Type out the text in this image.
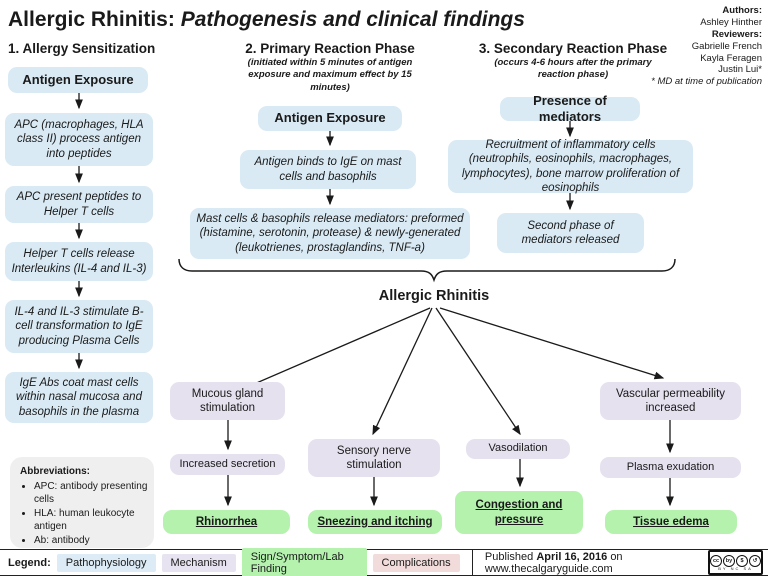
Allergic Rhinitis: Pathogenesis and clinical findings	Authors:
Ashley Hinther
Reviewers:
Gabrielle French
Kayla Feragen
Justin Lui*
* MD at time of publication
1. Allergy Sensitization	2. Primary Reaction Phase
(initiated within 5 minutes of antigen exposure and maximum effect by 15 minutes)
3. Secondary Reaction Phase
(occurs 4-6 hours after the primary reaction phase)
Antigen Exposure
APC (macrophages, HLA class II) process antigen into peptides
APC present peptides to Helper T cells
Helper T cells release Interleukins (IL-4 and IL-3)
IL-4 and IL-3 stimulate B-cell transformation to IgE producing Plasma Cells
IgE Abs coat mast cells within nasal mucosa and basophils in the plasma
Abbreviations:
• APC: antibody presenting cells
• HLA: human leukocyte antigen
• Ab: antibody
Antigen Exposure
Antigen binds to IgE on mast cells and basophils
Mast cells & basophils release mediators: preformed (histamine, serotonin, protease) & newly-generated (leukotrienes, prostaglandins, TNF-a)
Presence of mediators
Recruitment of inflammatory cells (neutrophils, eosinophils, macrophages, lymphocytes), bone marrow proliferation of eosinophils
Second phase of mediators released
Allergic Rhinitis
Mucous gland stimulation
Increased secretion
Sensory nerve stimulation
Vasodilation
Vascular permeability increased
Plasma exudation
Rhinorrhea	Sneezing and itching
Congestion and pressure	Tissue edema
Legend:	Pathophysiology	Mechanism	Sign/Symptom/Lab Finding	Complications	Published April 16, 2016 on www.thecalgaryguide.com
cc	by	$	↺
BY NC SA
